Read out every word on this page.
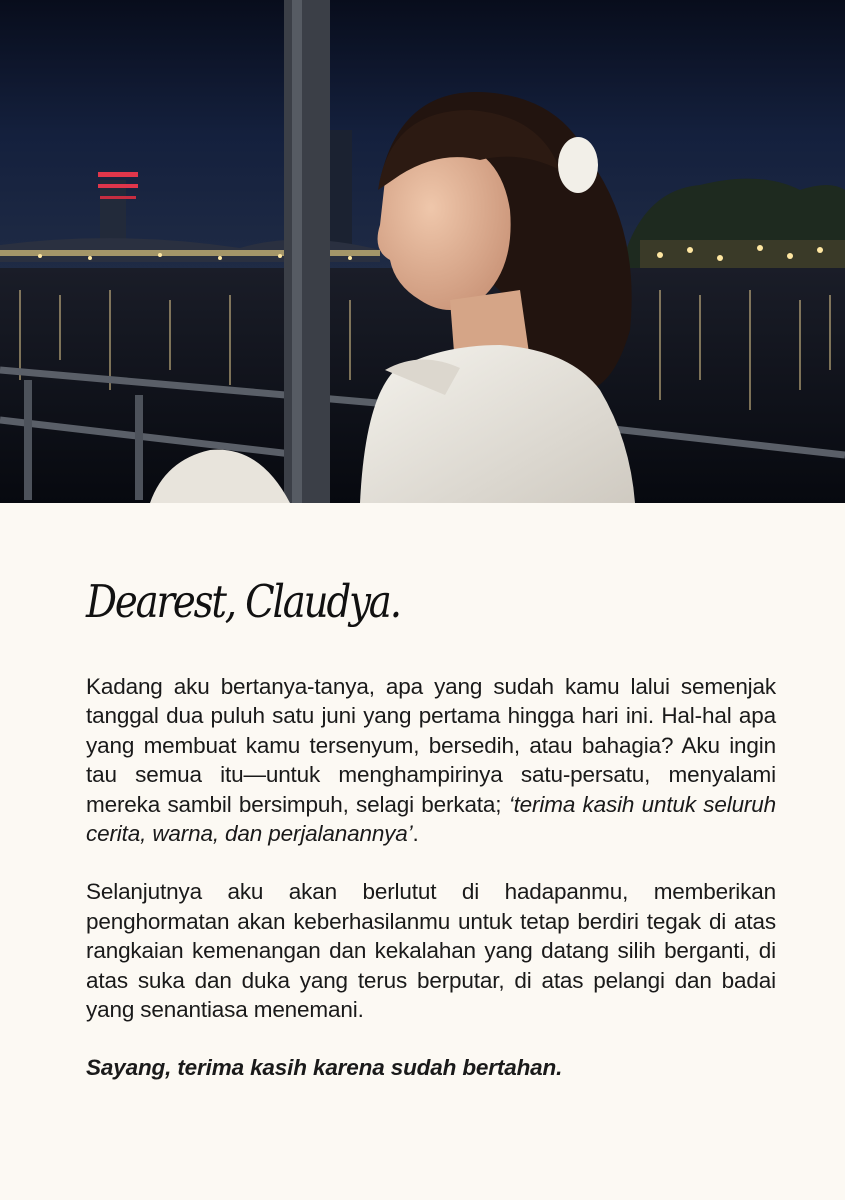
Dearest, Claudya.

Kadang aku bertanya-tanya, apa yang sudah kamu lalui semenjak tanggal dua puluh satu juni yang pertama hingga hari ini. Hal-hal apa yang membuat kamu tersenyum, bersedih, atau bahagia? Aku ingin tau semua itu—untuk menghampirinya satu-persatu, menyalami mereka sambil bersimpuh, selagi berkata; ‘terima kasih untuk seluruh cerita, warna, dan perjalanannya’.

Selanjutnya aku akan berlutut di hadapanmu, memberikan penghormatan akan keberhasilanmu untuk tetap berdiri tegak di atas rangkaian kemenangan dan kekalahan yang datang silih berganti, di atas suka dan duka yang terus berputar, di atas pelangi dan badai yang senantiasa menemani.

Sayang, terima kasih karena sudah bertahan.
